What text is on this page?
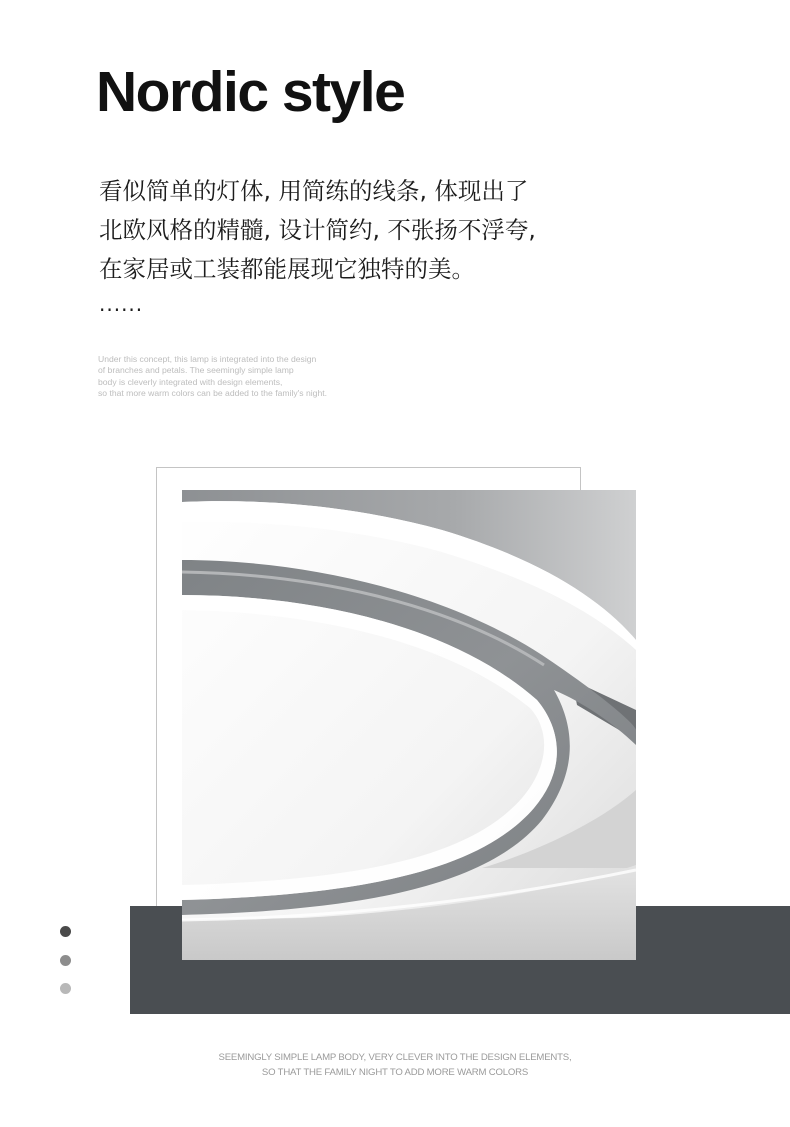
Nordic style
看似简单的灯体, 用简练的线条, 体现出了
北欧风格的精髓, 设计简约, 不张扬不浮夸,
在家居或工装都能展现它独特的美。
......
Under this concept, this lamp is integrated into the design
of branches and petals. The seemingly simple lamp
body is cleverly integrated with design elements,
so that more warm colors can be added to the family's night.
SEEMINGLY SIMPLE LAMP BODY, VERY CLEVER INTO THE DESIGN ELEMENTS,
SO THAT THE FAMILY NIGHT TO ADD MORE WARM COLORS
